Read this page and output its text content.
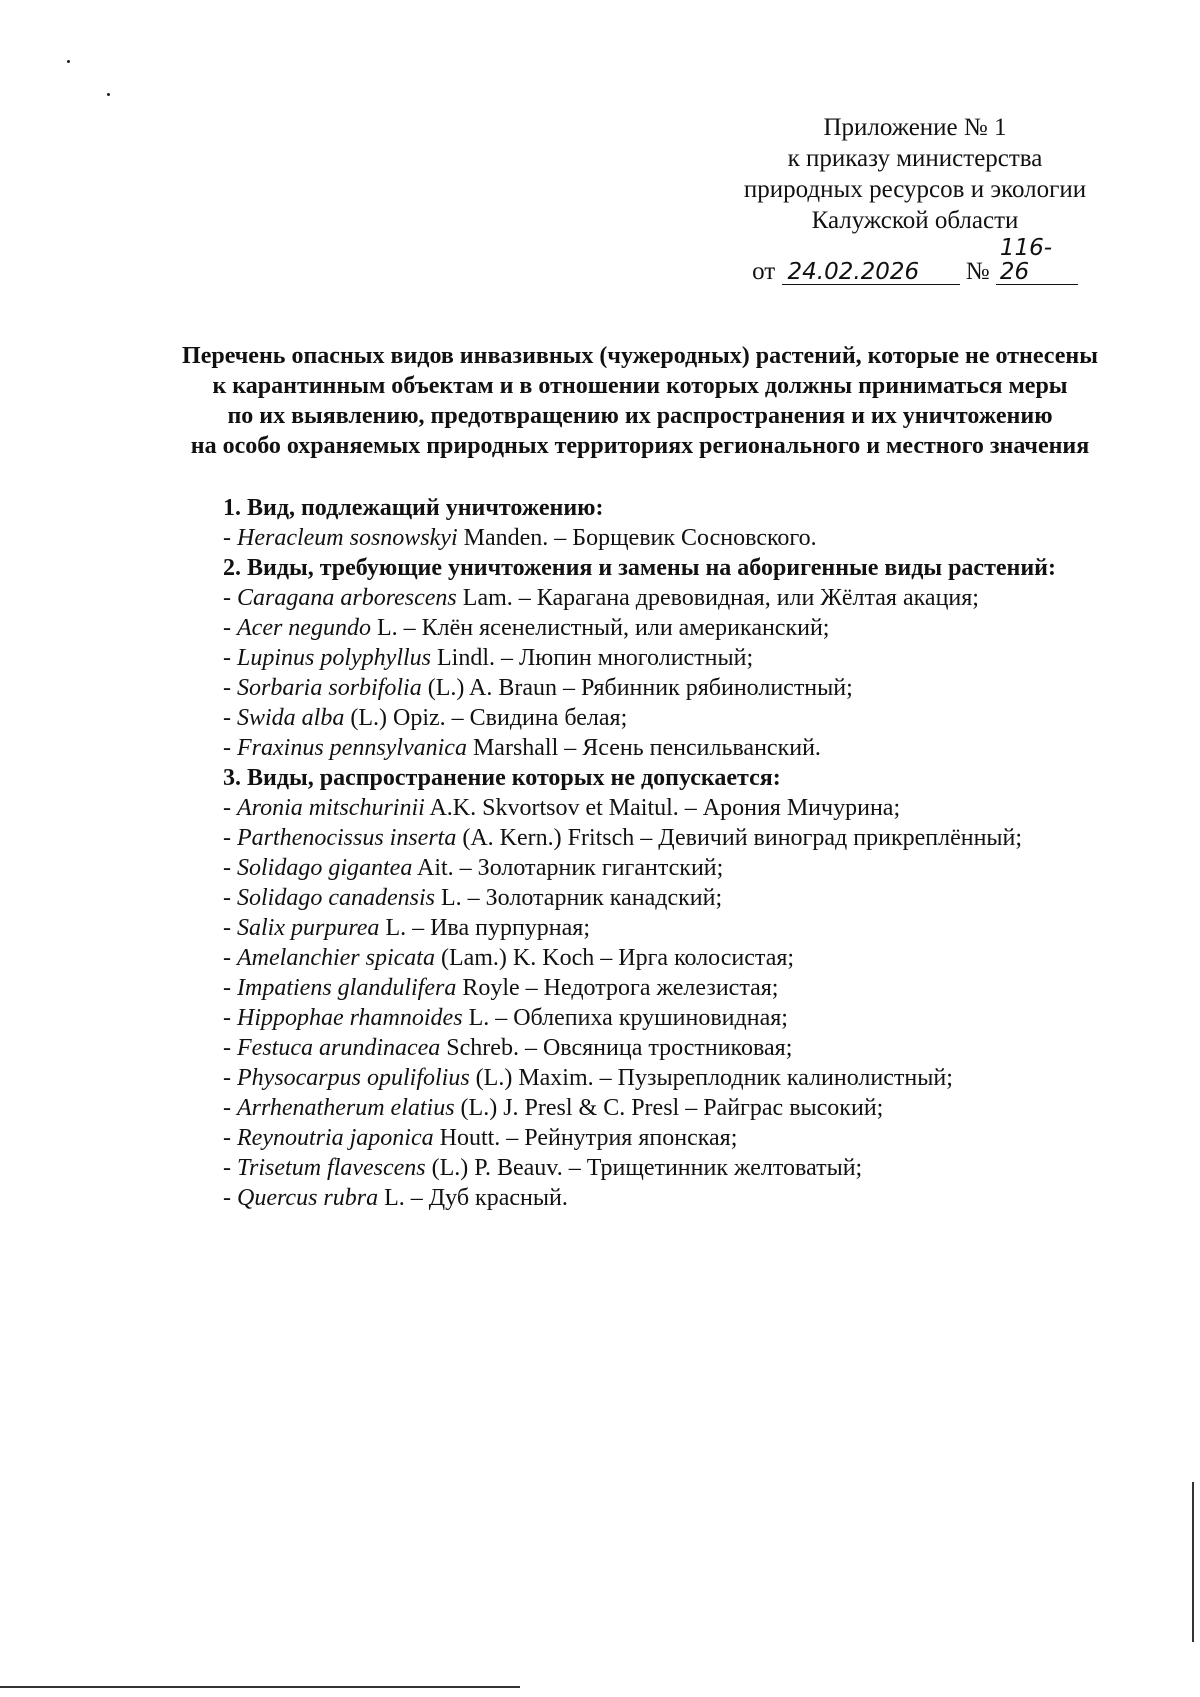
Приложение № 1
к приказу министерства
природных ресурсов и экологии
Калужской области
от 24.02.2026 № 116-26
Перечень опасных видов инвазивных (чужеродных) растений, которые не отнесены
к карантинным объектам и в отношении которых должны приниматься меры
по их выявлению, предотвращению их распространения и их уничтожению
на особо охраняемых природных территориях регионального и местного значения
1. Вид, подлежащий уничтожению:
- Heracleum sosnowskyi Manden. – Борщевик Сосновского.
2. Виды, требующие уничтожения и замены на аборигенные виды растений:
- Caragana arborescens Lam. – Карагана древовидная, или Жёлтая акация;
- Acer negundo L. – Клён ясенелистный, или американский;
- Lupinus polyphyllus Lindl. – Люпин многолистный;
- Sorbaria sorbifolia (L.) A. Braun – Рябинник рябинолистный;
- Swida alba (L.) Opiz. – Свидина белая;
- Fraxinus pennsylvanica Marshall – Ясень пенсильванский.
3. Виды, распространение которых не допускается:
- Aronia mitschurinii A.K. Skvortsov et Maitul. – Арония Мичурина;
- Parthenocissus inserta (A. Kern.) Fritsch – Девичий виноград прикреплённый;
- Solidago gigantea Ait. – Золотарник гигантский;
- Solidago canadensis L. – Золотарник канадский;
- Salix purpurea L. – Ива пурпурная;
- Amelanchier spicata (Lam.) K. Koch – Ирга колосистая;
- Impatiens glandulifera Royle – Недотрога железистая;
- Hippophae rhamnoides L. – Облепиха крушиновидная;
- Festuca arundinacea Schreb. – Овсяница тростниковая;
- Physocarpus opulifolius (L.) Maxim. – Пузыреплодник калинолистный;
- Arrhenatherum elatius (L.) J. Presl & C. Presl – Райграс высокий;
- Reynoutria japonica Houtt. – Рейнутрия японская;
- Trisetum flavescens (L.) P. Beauv. – Трищетинник желтоватый;
- Quercus rubra L. – Дуб красный.
